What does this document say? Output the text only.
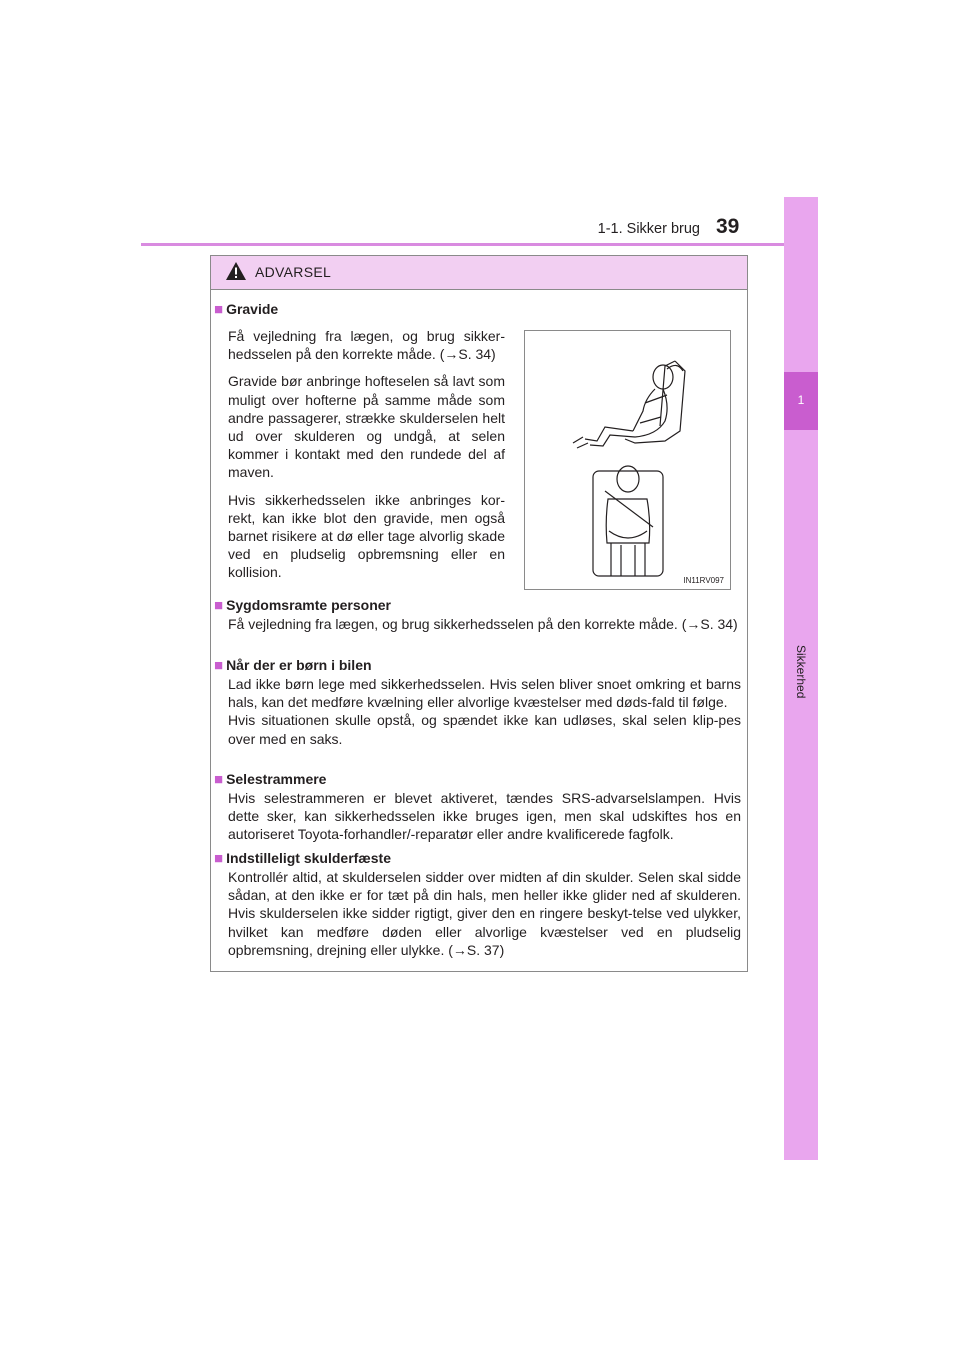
1-1. Sikker brug 39
1
Sikkerhed
ADVARSEL
■ Gravide

Få vejledning fra lægen, og brug sikker-hedsselen på den korrekte måde. (→S. 34)

Gravide bør anbringe hofteselen så lavt som muligt over hofterne på samme måde som andre passagerer, strække skulderselen helt ud over skulderen og undgå, at selen kommer i kontakt med den rundede del af maven.

Hvis sikkerhedsselen ikke anbringes kor-rekt, kan ikke blot den gravide, men også barnet risikere at dø eller tage alvorlig skade ved en pludselig opbremsning eller en kollision.

IN11RV097
■ Sygdomsramte personer

Få vejledning fra lægen, og brug sikkerhedsselen på den korrekte måde. (→S. 34)

■ Når der er børn i bilen

Lad ikke børn lege med sikkerhedsselen. Hvis selen bliver snoet omkring et barns hals, kan det medføre kvælning eller alvorlige kvæstelser med døds-fald til følge.

Hvis situationen skulle opstå, og spændet ikke kan udløses, skal selen klip-pes over med en saks.

■ Selestrammere

Hvis selestrammeren er blevet aktiveret, tændes SRS-advarselslampen. Hvis dette sker, kan sikkerhedsselen ikke bruges igen, men skal udskiftes hos en autoriseret Toyota-forhandler/-reparatør eller andre kvalificerede fagfolk.

■ Indstilleligt skulderfæste

Kontrollér altid, at skulderselen sidder over midten af din skulder. Selen skal sidde sådan, at den ikke er for tæt på din hals, men heller ikke glider ned af skulderen. Hvis skulderselen ikke sidder rigtigt, giver den en ringere beskyt-telse ved ulykker, hvilket kan medføre døden eller alvorlige kvæstelser ved en pludselig opbremsning, drejning eller ulykke. (→S. 37)
